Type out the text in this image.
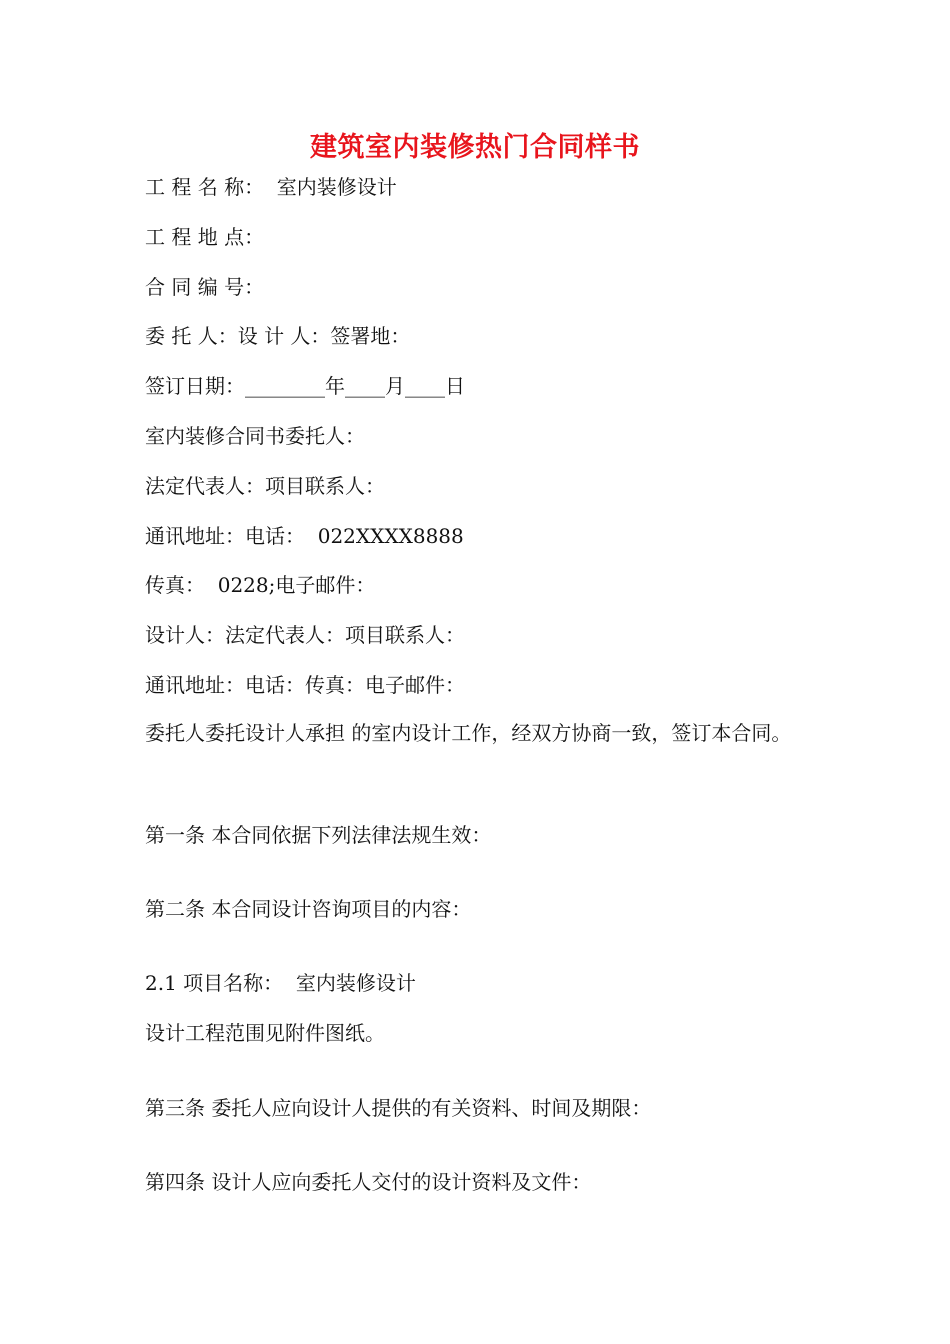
建筑室内装修热门合同样书
工 程 名 称：  室内装修设计
工 程 地 点：
合 同 编 号：
委 托 人：设 计 人：签署地：
签订日期：________年____月____日
室内装修合同书委托人：
法定代表人：项目联系人：
通讯地址：电话：  022XXXX8888
传真：  0228;电子邮件：
设计人：法定代表人：项目联系人：
通讯地址：电话：传真：电子邮件：
委托人委托设计人承担 的室内设计工作，经双方协商一致，签订本合同。
第一条 本合同依据下列法律法规生效：
第二条 本合同设计咨询项目的内容：
2.1 项目名称：  室内装修设计
设计工程范围见附件图纸。
第三条 委托人应向设计人提供的有关资料、时间及期限：
第四条 设计人应向委托人交付的设计资料及文件：
